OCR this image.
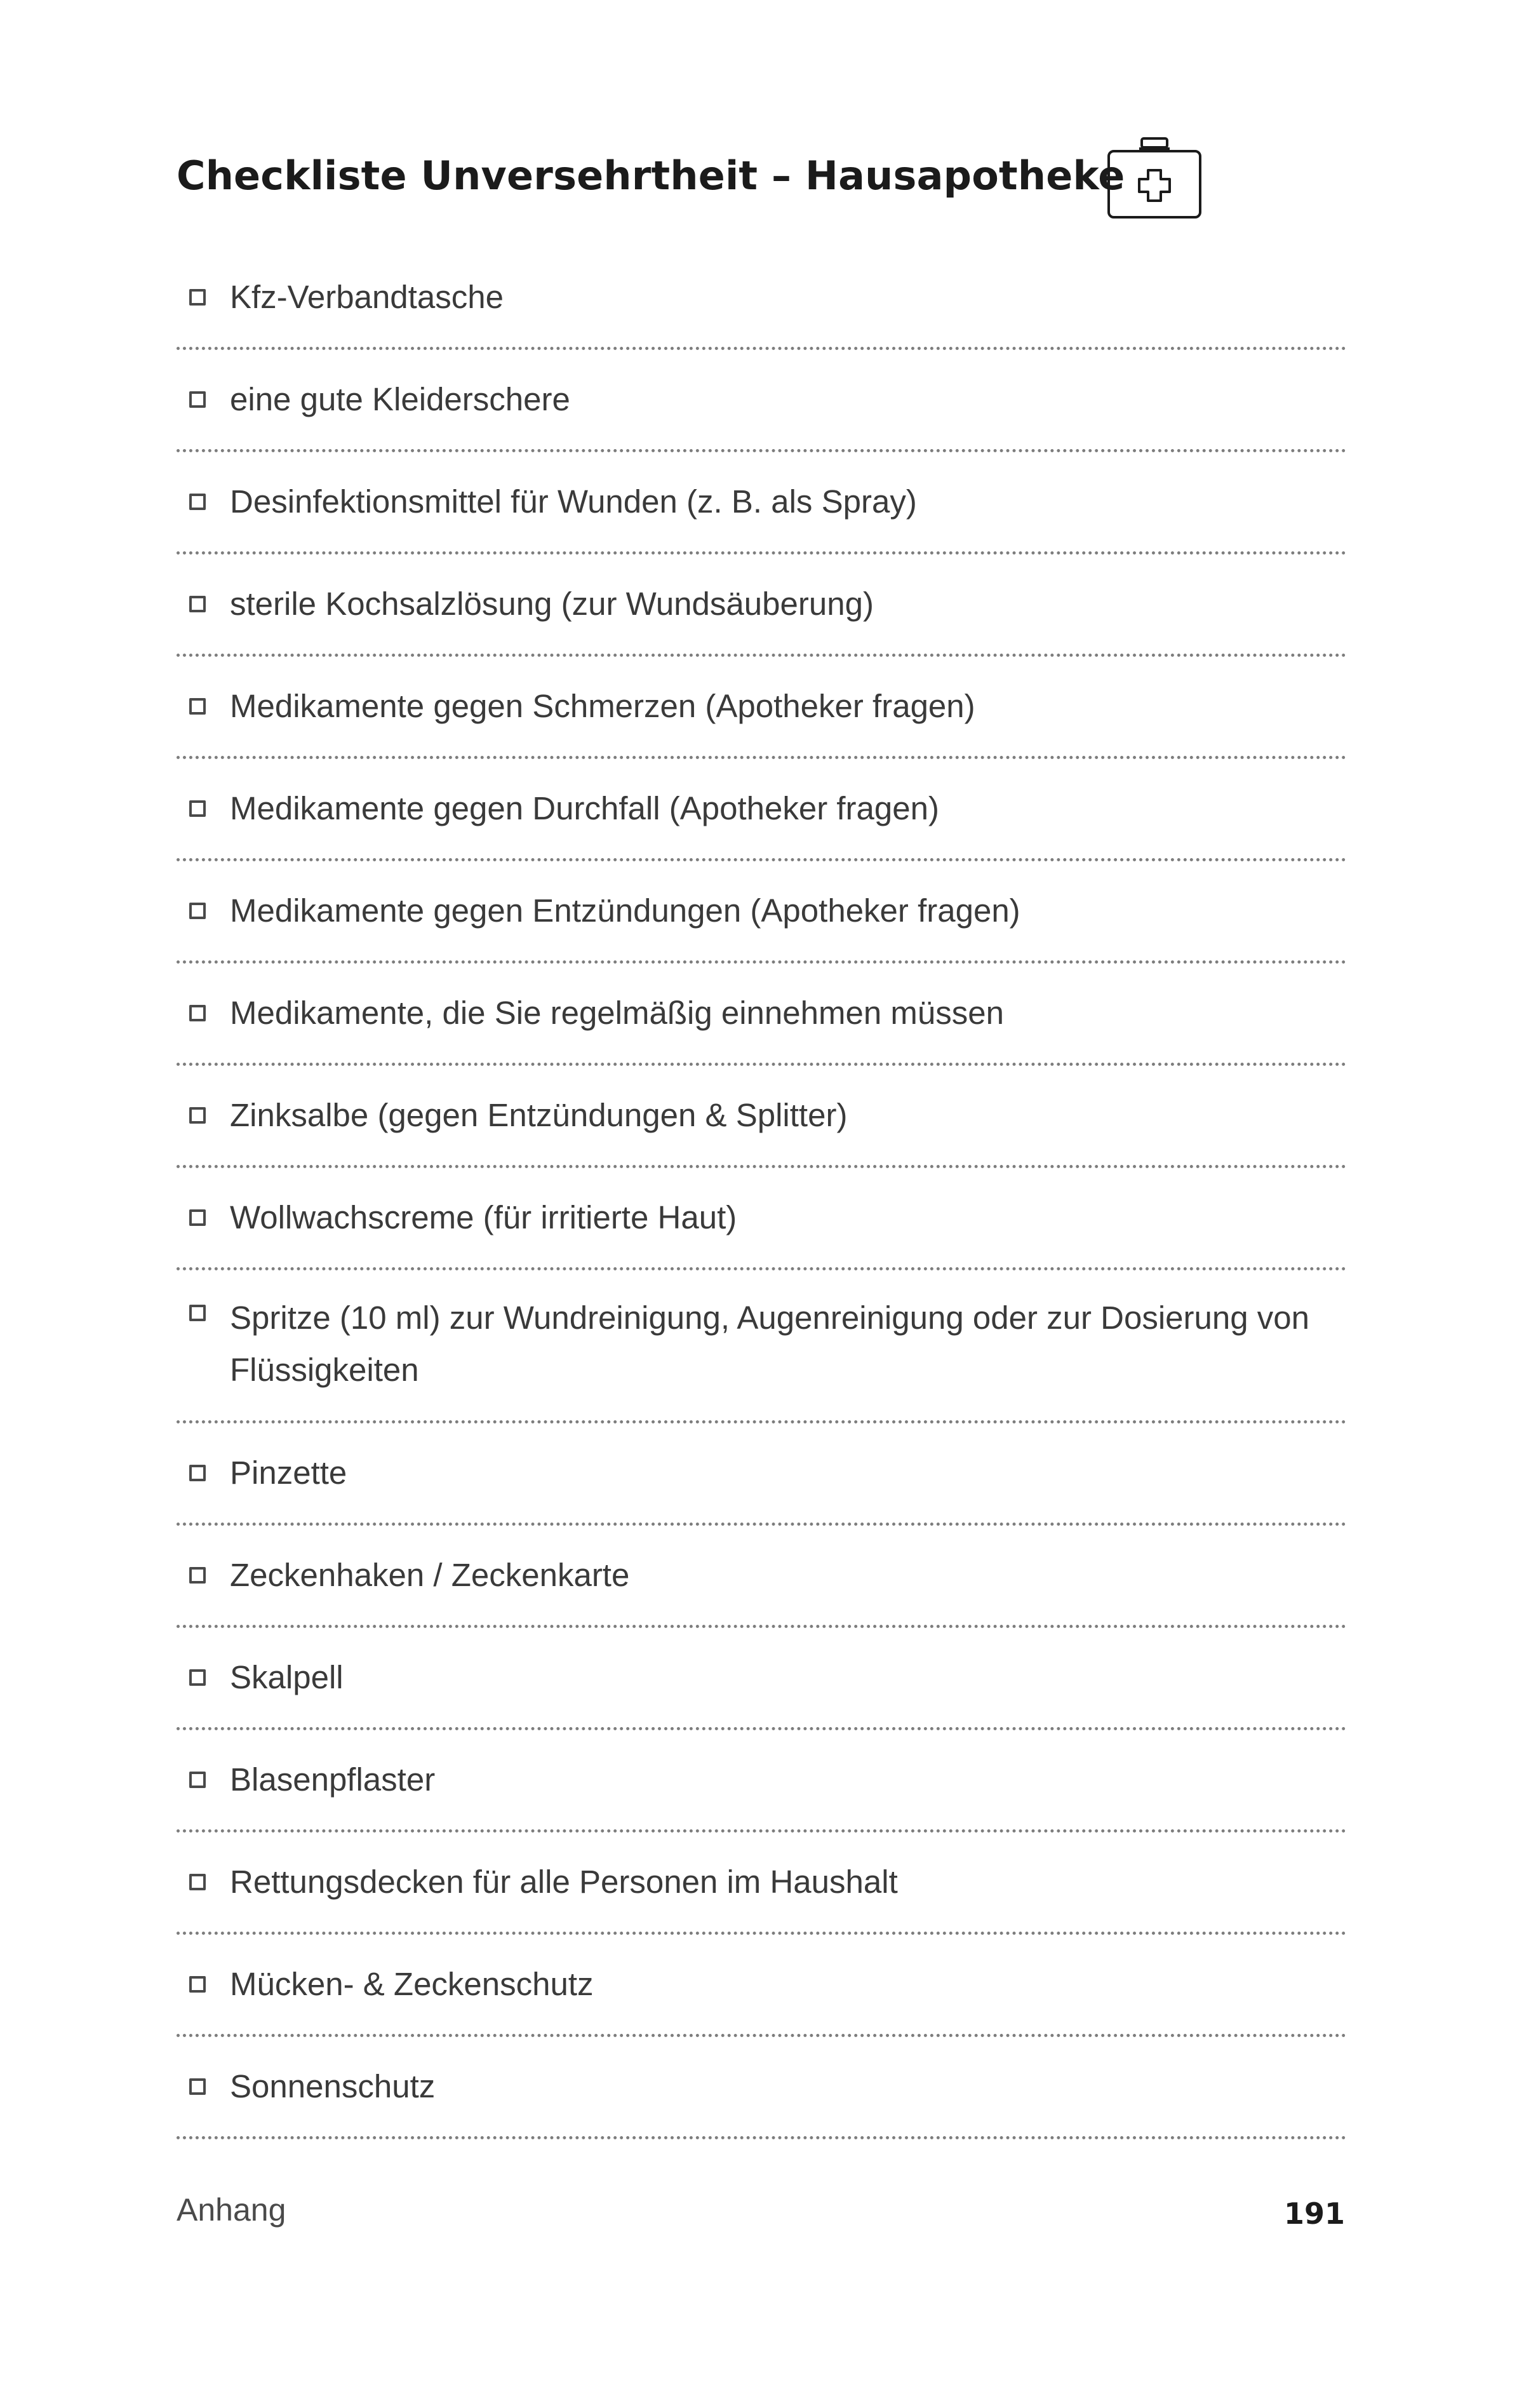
Checkliste Unversehrtheit – Hausapotheke
Kfz-Verbandtasche
eine gute Kleiderschere
Desinfektionsmittel für Wunden (z. B. als Spray)
sterile Kochsalzlösung (zur Wundsäuberung)
Medikamente gegen Schmerzen (Apotheker fragen)
Medikamente gegen Durchfall (Apotheker fragen)
Medikamente gegen Entzündungen (Apotheker fragen)
Medikamente, die Sie regelmäßig einnehmen müssen
Zinksalbe (gegen Entzündungen & Splitter)
Wollwachscreme (für irritierte Haut)
Spritze (10 ml) zur Wundreinigung, Augenreinigung oder zur Dosierung von Flüssigkeiten
Pinzette
Zeckenhaken / Zeckenkarte
Skalpell
Blasenpflaster
Rettungsdecken für alle Personen im Haushalt
Mücken- & Zeckenschutz
Sonnenschutz
Anhang	191
